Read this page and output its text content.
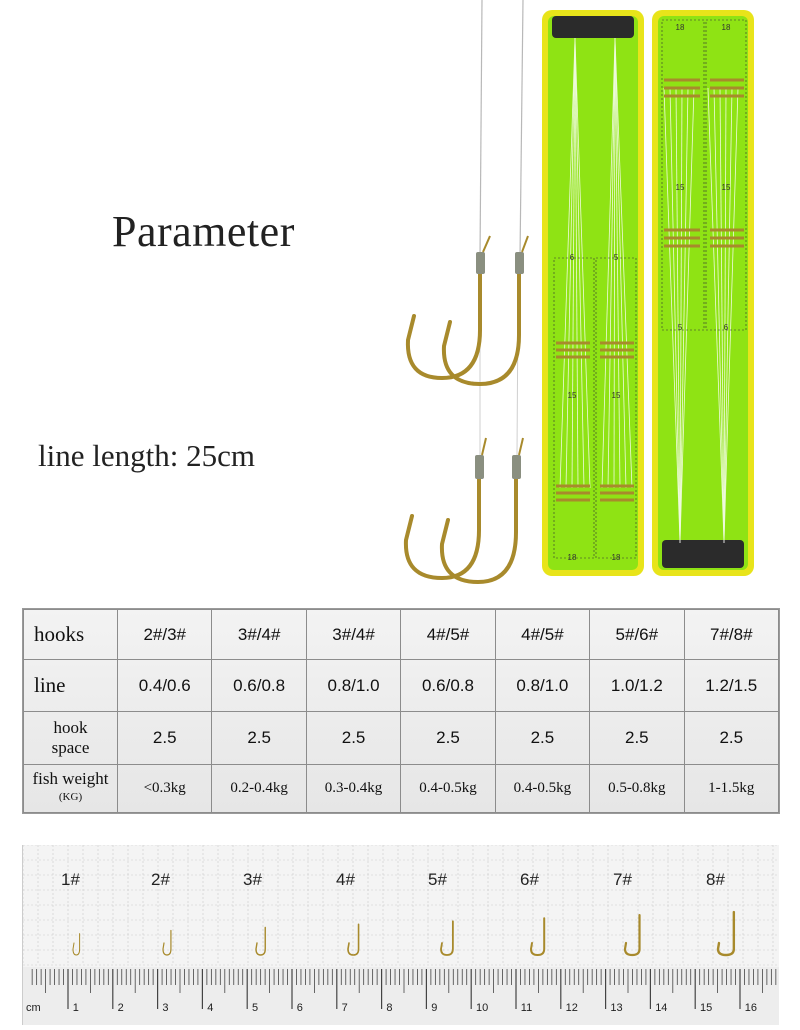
Parameter
line length: 25cm
6	5
15	15
18	18
18	18
15	15
5	6
hooks	2#/3#	3#/4#	3#/4#	4#/5#	4#/5#	5#/6#	7#/8#
line	0.4/0.6	0.6/0.8	0.8/1.0	0.6/0.8	0.8/1.0	1.0/1.2	1.2/1.5
hook
space	2.5	2.5	2.5	2.5	2.5	2.5	2.5
fish weight
(KG)	<0.3kg	0.2-0.4kg	0.3-0.4kg	0.4-0.5kg	0.4-0.5kg	0.5-0.8kg	1-1.5kg
1#	2#	3#	4#	5#	6#	7#	8#
cm	1	2	3	4	5	6	7	8	9	10	11	12	13	14	15	16
